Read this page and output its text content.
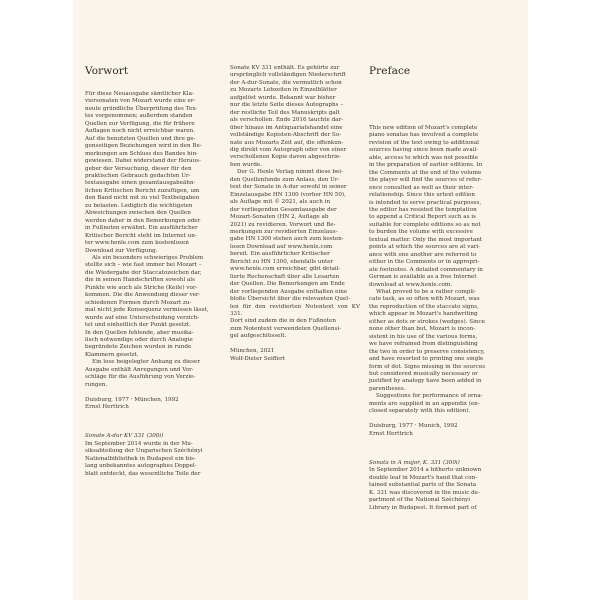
Vorwort	Preface

Für diese Neuausgabe sämtlicher Kla-

viersonaten von Mozart wurde eine er-

neute gründliche Überprüfung des Tex-

tes vorgenommen; außerdem standen

Quellen zur Verfügung, die für frühere

Auflagen noch nicht erreichbar waren.

Auf die benutzten Quellen und ihre ge-

genseitigen Beziehungen wird in den Be-

merkungen am Schluss des Bandes hin-

gewiesen. Dabei widerstand der Heraus-

geber der Versuchung, dieser für den

praktischen Gebrauch gedachten Ur-

textausgabe einen gesamtausgabeähn-

lichen Kritischen Bericht zuzufügen, um

den Band nicht mit zu viel Textbeigaben

zu belasten. Lediglich die wichtigsten

Abweichungen zwischen den Quellen

werden daher in den Bemerkungen oder

in Fußnoten erwähnt. Ein ausführlicher

Kritischer Bericht steht im Internet un-

ter www.henle.com zum kostenlosen

Download zur Verfügung.

Als ein besonders schwieriges Problem

stellte sich – wie fast immer bei Mozart –

die Wiedergabe der Staccatozeichen dar,

die in seinen Handschriften sowohl als

Punkte wie auch als Striche (Keile) vor-

kommen. Die die Anwendung dieser ver-

schiedenen Formen durch Mozart zu-

mal nicht jede Konsequenz vermissen lässt,

wurde auf eine Unterscheidung verzich-

tet und einheitlich der Punkt gesetzt.

In den Quellen fehlende, aber musika-

lisch notwendige oder durch Analogie

begründete Zeichen wurden in runde

Klammern gesetzt.

Ein lose beigelegter Anhang zu dieser

Ausgabe enthält Anregungen und Vor-

schläge für die Ausführung von Verzie-

rungen.

Duisburg, 1977 · München, 1992

Ernst Herttrich

Sonate A-dur KV 331 (300i)

Im September 2014 wurde in der Mu-

siksabteilung der Ungarischen Széchényi

Nationalbibliothek in Budapest ein bis-

lang unbekanntes autographes Doppel-

blatt entdeckt, das wesentliche Teile der

Sonate KV 331 enthält. Es gehörte zur

ursprünglich vollständigen Niederschrift

der A-dur-Sonate, die vermutlich schon

zu Mozarts Lebzeiten in Einzelblätter

aufgelöst wurde. Bekannt war bisher

nur die letzte Seite dieses Autographs –

der restliche Teil des Manuskripts galt

als verschollen. Ende 2016 tauchte dar-

über hinaus im Antiquariatshandel eine

vollständige Kopisten-Abschrift der So-

nate aus Mozarts Zeit auf, die offenkun-

dig direkt vom Autograph oder von einer

verschollenen Kopie davon abgeschrie-

ben wurde.

Der G. Henle Verlag nimmt diese bei-

den Quellenfunde zum Anlass, den Ur-

text der Sonate in A-dur sowohl in seiner

Einzelausgabe HN 1300 (vorher HN 50),

als Auflage mit © 2021, als auch in

der vorliegenden Gesamtausgabe der

Mozart-Sonaten (HN 2, Auflage ab

2021) zu revidieren. Vorwort und Be-

merkungen zur revidierten Einzelaus-

gabe HN 1300 stehen auch zum kosten-

losen Download auf www.henle.com

bereit. Ein ausführlicher Kritischer

Bericht zu HN 1300, ebenfalls unter

www.henle.com erreichbar, gibt detail-

lierte Rechenschaft über alle Lesarten

der Quellen. Die Bemerkungen am Ende

der vorliegenden Ausgabe enthalten eine

bloße Übersicht über die relevanten Quel-

len für den revidierten Notentext von KV 331.

Dort sind zudem die in den Fußnoten

zum Notentext verwendeten Quellensi-

gel aufgeschlüsselt.

München, 2021

Wolf-Dieter Seiffert

This new edition of Mozart's complete

piano sonatas has involved a complete

revision of the text owing to additional

sources having since been made avail-

able, access to which was not possible

in the preparation of earlier editions. In

the Comments at the end of the volume

the player will find the sources of refer-

ence consulted as well as their inter-

relationship. Since this urtext edition

is intended to serve practical purposes,

the editor has resisted the temptation

to append a Critical Report such as is

suitable for complete editions so as not

to burden the volume with excessive

textual matter. Only the most important

points at which the sources are at vari-

ance with one another are referred to

either in the Comments or in appropri-

ate footnotes. A detailed commentary in

German is available as a free Internet

download at www.henle.com.

What proved to be a rather compli-

cate task, as so often with Mozart, was

the reproduction of the staccato signs,

which appear in Mozart's handwriting

either as dots or strokes (wedges). Since

none other than but, Mozart is incon-

sistent in his use of the various forms,

we have refrained from distinguishing

the two in order to preserve consistency,

and have resorted to printing one single

form of dot. Signs missing in the sources

but considered musically necessary or

justified by analogy have been added in

parentheses.

Suggestions for performance of orna-

ments are supplied in an appendix (en-

closed separately with this edition).

Duisburg, 1977 · Munich, 1992

Ernst Herttrich

Sonata in A major, K. 331 (300i)

In September 2014 a hitherto unknown

double leaf in Mozart's hand that con-

tained substantial parts of the Sonata

K. 331 was discovered in the music de-

partment of the National Széchényi

Library in Budapest. It formed part of
